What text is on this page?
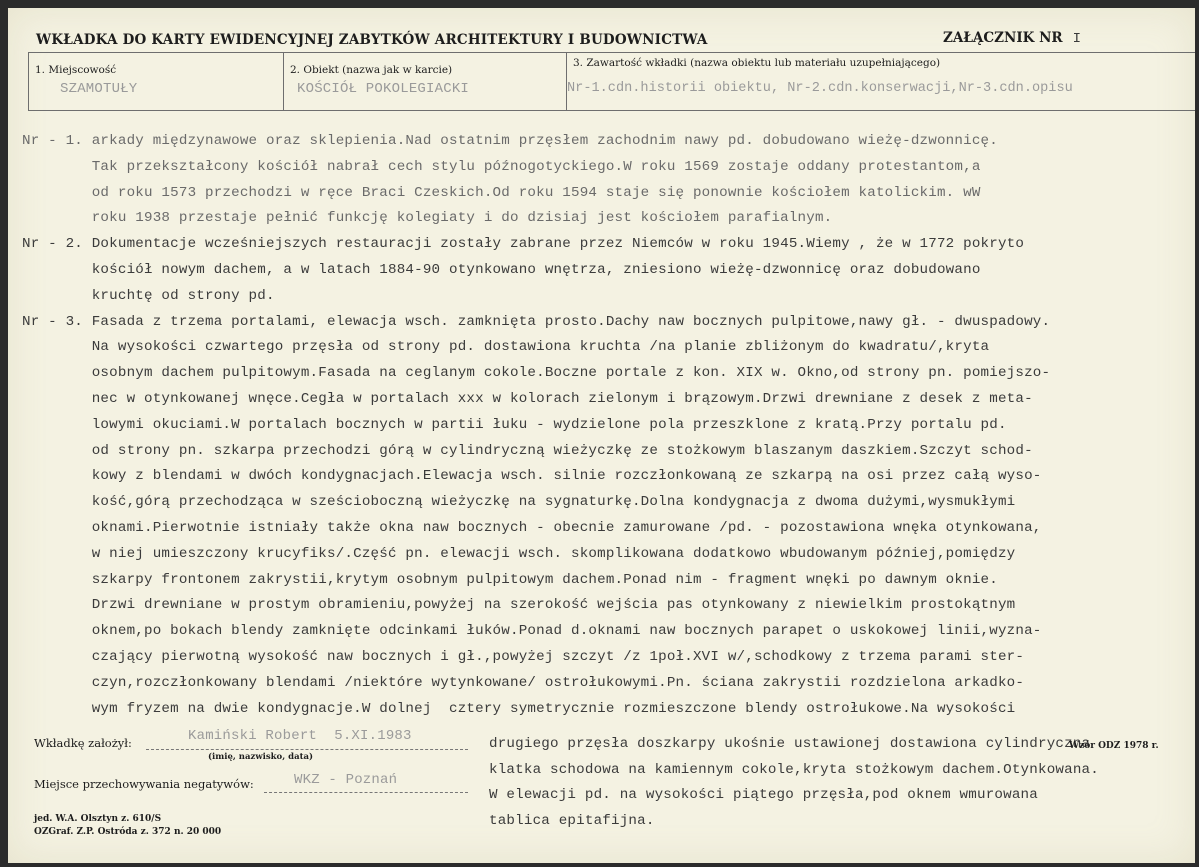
WKŁADKA DO KARTY EWIDENCYJNEJ ZABYTKÓW ARCHITEKTURY I BUDOWNICTWA	ZAŁĄCZNIK NR I
1. Miejscowość
SZAMOTUŁY
2. Obiekt (nazwa jak w karcie)
KOŚCIÓŁ POKOLEGIACKI
3. Zawartość wkładki (nazwa obiektu lub materiału uzupełniającego)
Nr-1.cdn.historii obiektu, Nr-2.cdn.konserwacji,Nr-3.cdn.opisu
Nr - 1. arkady międzynawowe oraz sklepienia.Nad ostatnim przęsłem zachodnim nawy pd. dobudowano wieżę-dzwonnicę.
Tak przekształcony kościół nabrał cech stylu późnogotyckiego.W roku 1569 zostaje oddany protestantom,a
od roku 1573 przechodzi w ręce Braci Czeskich.Od roku 1594 staje się ponownie kościołem katolickim. wW
roku 1938 przestaje pełnić funkcję kolegiaty i do dzisiaj jest kościołem parafialnym.
Nr - 2. Dokumentacje wcześniejszych restauracji zostały zabrane przez Niemców w roku 1945.Wiemy , że w 1772 pokryto
kościół nowym dachem, a w latach 1884-90 otynkowano wnętrza, zniesiono wieżę-dzwonnicę oraz dobudowano
kruchtę od strony pd.
Nr - 3. Fasada z trzema portalami, elewacja wsch. zamknięta prosto.Dachy naw bocznych pulpitowe,nawy gł. - dwuspadowy.
Na wysokości czwartego przęsła od strony pd. dostawiona kruchta /na planie zbliżonym do kwadratu/,kryta
osobnym dachem pulpitowym.Fasada na ceglanym cokole.Boczne portale z kon. XIX w. Okno,od strony pn. pomiejszo-
nec w otynkowanej wnęce.Cegła w portalach xxx w kolorach zielonym i brązowym.Drzwi drewniane z desek z meta-
lowymi okuciami.W portalach bocznych w partii łuku - wydzielone pola przeszklone z kratą.Przy portalu pd.
od strony pn. szkarpa przechodzi górą w cylindryczną wieżyczkę ze stożkowym blaszanym daszkiem.Szczyt schod-
kowy z blendami w dwóch kondygnacjach.Elewacja wsch. silnie rozczłonkowaną ze szkarpą na osi przez całą wyso-
kość,górą przechodząca w sześcioboczną wieżyczkę na sygnaturkę.Dolna kondygnacja z dwoma dużymi,wysmukłymi
oknami.Pierwotnie istniały także okna naw bocznych - obecnie zamurowane /pd. - pozostawiona wnęka otynkowana,
w niej umieszczony krucyfiks/.Część pn. elewacji wsch. skomplikowana dodatkowo wbudowanym później,pomiędzy
szkarpy frontonem zakrystii,krytym osobnym pulpitowym dachem.Ponad nim - fragment wnęki po dawnym oknie.
Drzwi drewniane w prostym obramieniu,powyżej na szerokość wejścia pas otynkowany z niewielkim prostokątnym
oknem,po bokach blendy zamknięte odcinkami łuków.Ponad d.oknami naw bocznych parapet o uskokowej linii,wyzna-
czający pierwotną wysokość naw bocznych i gł.,powyżej szczyt /z 1poł.XVI w/,schodkowy z trzema parami ster-
czyn,rozczłonkowany blendami /niektóre wytynkowane/ ostrołukowymi.Pn. ściana zakrystii rozdzielona arkadko-
wym fryzem na dwie kondygnacje.W dolnej  cztery symetrycznie rozmieszczone blendy ostrołukowe.Na wysokości
drugiego przęsła doszkarpy ukośnie ustawionej dostawiona cylindryczna
klatka schodowa na kamiennym cokole,kryta stożkowym dachem.Otynkowana.
W elewacji pd. na wysokości piątego przęsła,pod oknem wmurowana
tablica epitafijna.
Wkładkę założył:	Kamiński Robert  5.XI.1983
(imię, nazwisko, data)
Miejsce przechowywania negatywów:	WKZ - Poznań
Wzór ODZ 1978 r.
jed. W.A. Olsztyn z. 610/S
OZGraf. Z.P. Ostróda z. 372 n. 20 000
